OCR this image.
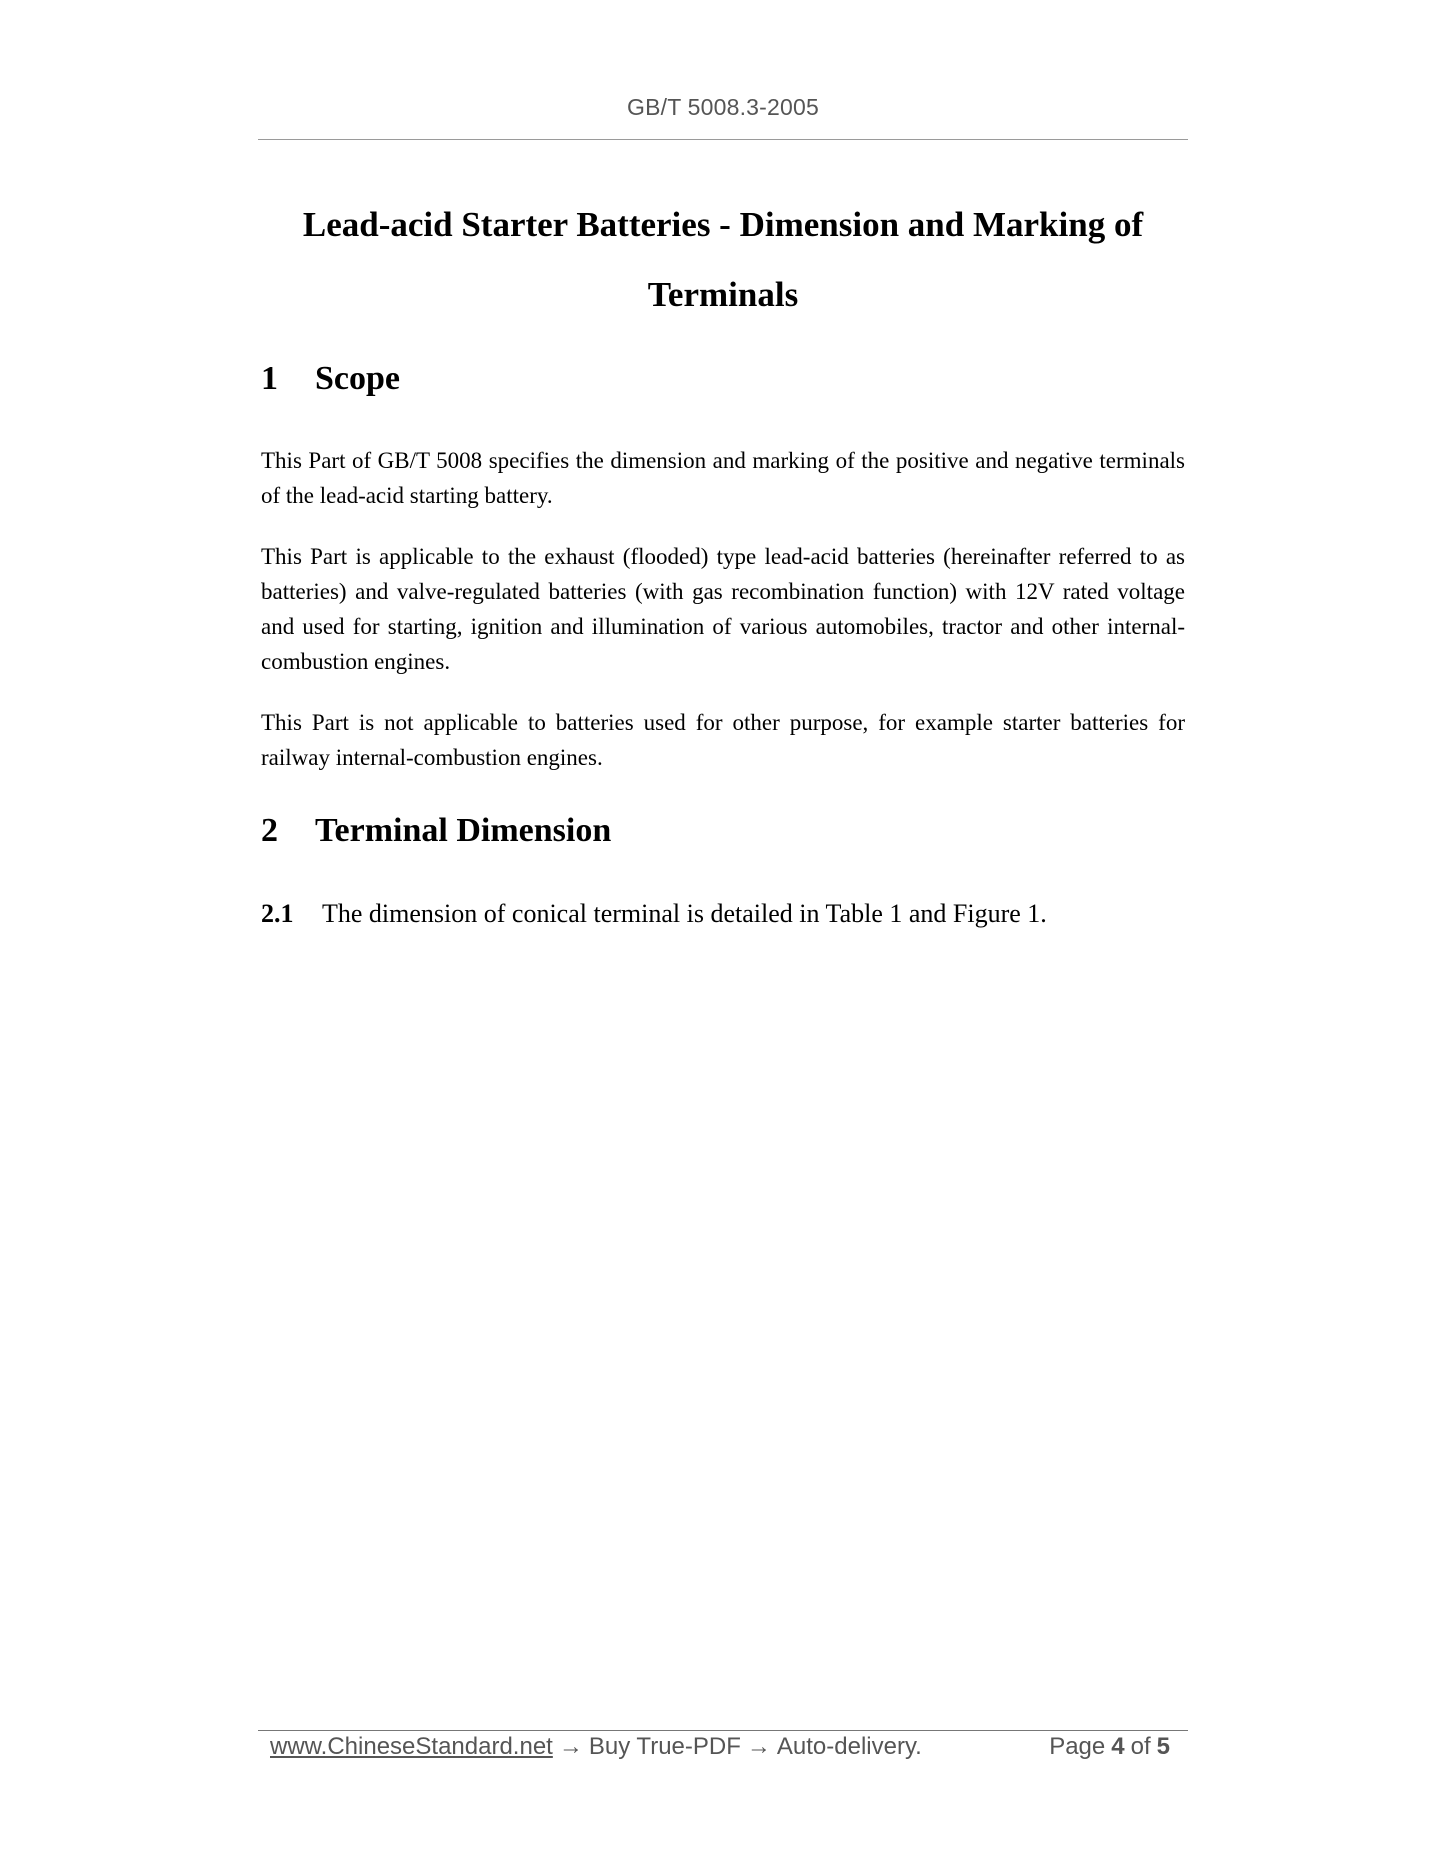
GB/T 5008.3-2005
Lead-acid Starter Batteries - Dimension and Marking of Terminals
1 Scope

This Part of GB/T 5008 specifies the dimension and marking of the positive and negative terminals of the lead-acid starting battery.

This Part is applicable to the exhaust (flooded) type lead-acid batteries (hereinafter referred to as batteries) and valve-regulated batteries (with gas recombination function) with 12V rated voltage and used for starting, ignition and illumination of various automobiles, tractor and other internal-combustion engines.

This Part is not applicable to batteries used for other purpose, for example starter batteries for railway internal-combustion engines.

2 Terminal Dimension

2.1 The dimension of conical terminal is detailed in Table 1 and Figure 1.

www.ChineseStandard.net → Buy True-PDF → Auto-delivery.	Page 4 of 5
